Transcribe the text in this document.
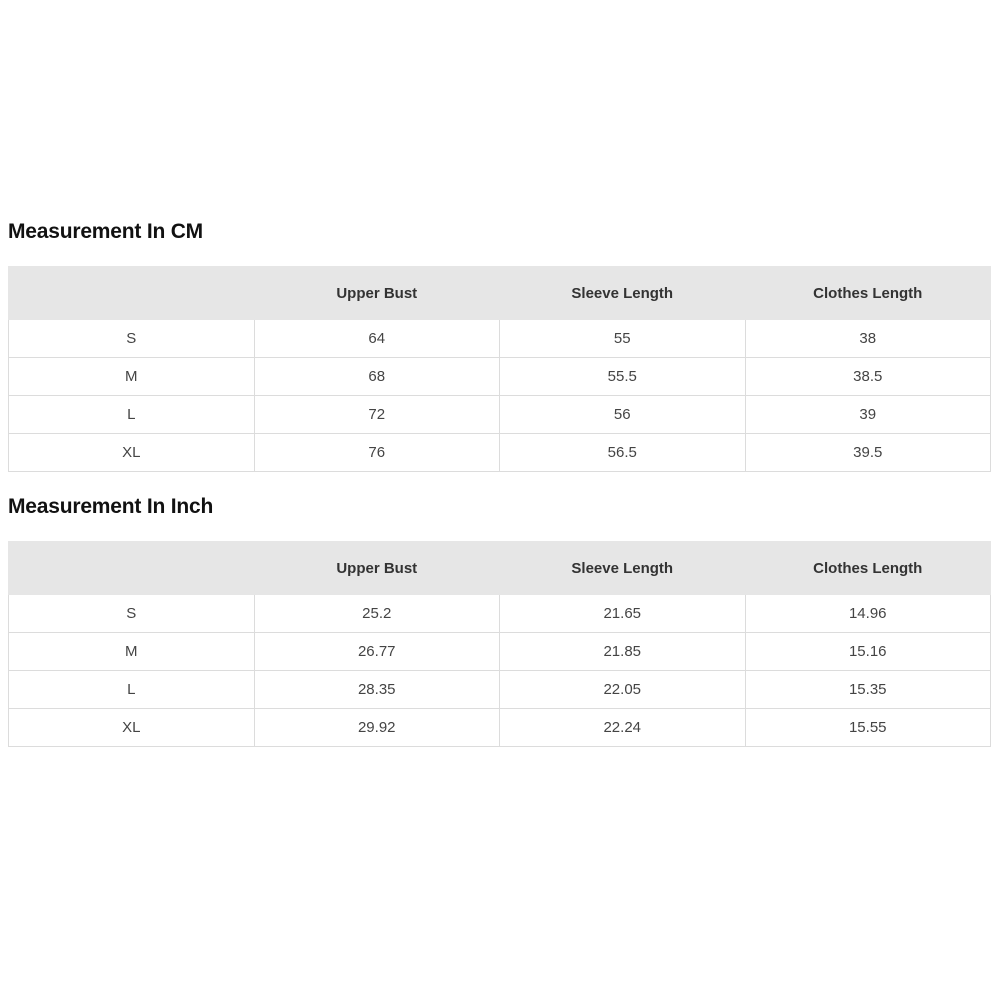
Measurement In CM
	Upper Bust	Sleeve Length	Clothes Length
S	64	55	38
M	68	55.5	38.5
L	72	56	39
XL	76	56.5	39.5
Measurement In Inch
	Upper Bust	Sleeve Length	Clothes Length
S	25.2	21.65	14.96
M	26.77	21.85	15.16
L	28.35	22.05	15.35
XL	29.92	22.24	15.55
